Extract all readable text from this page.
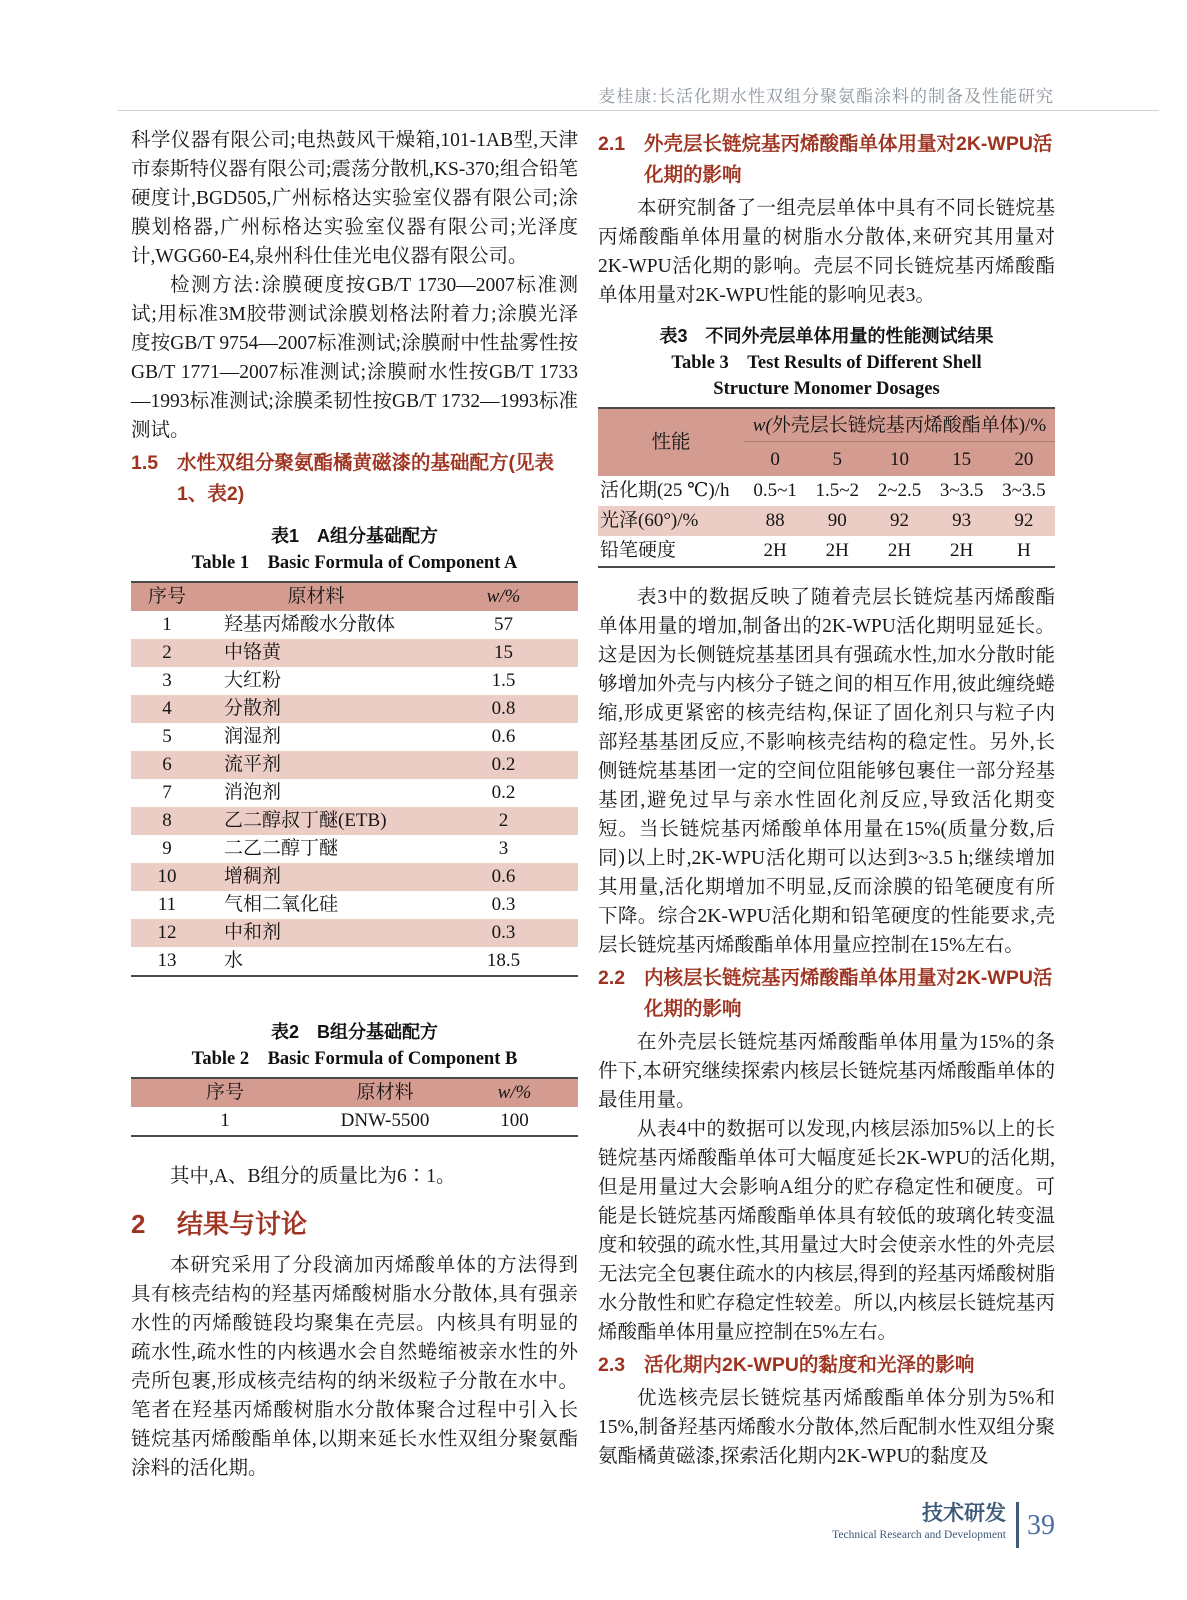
麦桂康:长活化期水性双组分聚氨酯涂料的制备及性能研究

科学仪器有限公司;电热鼓风干燥箱,101-1AB型,天津市泰斯特仪器有限公司;震荡分散机,KS-370;组合铅笔硬度计,BGD505,广州标格达实验室仪器有限公司;涂膜划格器,广州标格达实验室仪器有限公司;光泽度计,WGG60-E4,泉州科仕佳光电仪器有限公司。

检测方法:涂膜硬度按GB/T 1730—2007标准测试;用标准3M胶带测试涂膜划格法附着力;涂膜光泽度按GB/T 9754—2007标准测试;涂膜耐中性盐雾性按GB/T 1771—2007标准测试;涂膜耐水性按GB/T 1733—1993标准测试;涂膜柔韧性按GB/T 1732—1993标准测试。

1.5 水性双组分聚氨酯橘黄磁漆的基础配方(见表1、表2)
表1　A组分基础配方
Table 1　Basic Formula of Component A
序号	原材料	w/%

1	羟基丙烯酸水分散体	57
2	中铬黄	15
3	大红粉	1.5
4	分散剂	0.8
5	润湿剂	0.6
6	流平剂	0.2
7	消泡剂	0.2
8	乙二醇叔丁醚(ETB)	2
9	二乙二醇丁醚	3
10	增稠剂	0.6
11	气相二氧化硅	0.3
12	中和剂	0.3
13	水	18.5
表2　B组分基础配方
Table 2　Basic Formula of Component B
序号	原材料	w/%

1	DNW-5500	100

其中,A、B组分的质量比为6∶1。

2	结果与讨论

本研究采用了分段滴加丙烯酸单体的方法得到具有核壳结构的羟基丙烯酸树脂水分散体,具有强亲水性的丙烯酸链段均聚集在壳层。内核具有明显的疏水性,疏水性的内核遇水会自然蜷缩被亲水性的外壳所包裹,形成核壳结构的纳米级粒子分散在水中。笔者在羟基丙烯酸树脂水分散体聚合过程中引入长链烷基丙烯酸酯单体,以期来延长水性双组分聚氨酯涂料的活化期。

2.1 外壳层长链烷基丙烯酸酯单体用量对2K-WPU活化期的影响

本研究制备了一组壳层单体中具有不同长链烷基丙烯酸酯单体用量的树脂水分散体,来研究其用量对2K-WPU活化期的影响。壳层不同长链烷基丙烯酸酯单体用量对2K-WPU性能的影响见表3。

表3　不同外壳层单体用量的性能测试结果
Table 3　Test Results of Different Shell Structure Monomer Dosages
性能	w(外壳层长链烷基丙烯酸酯单体)/%				

	0	5	10	15	20
活化期(25 ℃)/h	0.5~1	1.5~2	2~2.5	3~3.5	3~3.5
光泽(60°)/%	88	90	92	93	92
铅笔硬度	2H	2H	2H	2H	H

表3中的数据反映了随着壳层长链烷基丙烯酸酯单体用量的增加,制备出的2K-WPU活化期明显延长。这是因为长侧链烷基基团具有强疏水性,加水分散时能够增加外壳与内核分子链之间的相互作用,彼此缠绕蜷缩,形成更紧密的核壳结构,保证了固化剂只与粒子内部羟基基团反应,不影响核壳结构的稳定性。另外,长侧链烷基基团一定的空间位阻能够包裹住一部分羟基基团,避免过早与亲水性固化剂反应,导致活化期变短。当长链烷基丙烯酸单体用量在15%(质量分数,后同)以上时,2K-WPU活化期可以达到3~3.5 h;继续增加其用量,活化期增加不明显,反而涂膜的铅笔硬度有所下降。综合2K-WPU活化期和铅笔硬度的性能要求,壳层长链烷基丙烯酸酯单体用量应控制在15%左右。

2.2 内核层长链烷基丙烯酸酯单体用量对2K-WPU活化期的影响

在外壳层长链烷基丙烯酸酯单体用量为15%的条件下,本研究继续探索内核层长链烷基丙烯酸酯单体的最佳用量。

从表4中的数据可以发现,内核层添加5%以上的长链烷基丙烯酸酯单体可大幅度延长2K-WPU的活化期,但是用量过大会影响A组分的贮存稳定性和硬度。可能是长链烷基丙烯酸酯单体具有较低的玻璃化转变温度和较强的疏水性,其用量过大时会使亲水性的外壳层无法完全包裹住疏水的内核层,得到的羟基丙烯酸树脂水分散性和贮存稳定性较差。所以,内核层长链烷基丙烯酸酯单体用量应控制在5%左右。

2.3 活化期内2K-WPU的黏度和光泽的影响

优选核壳层长链烷基丙烯酸酯单体分别为5%和15%,制备羟基丙烯酸水分散体,然后配制水性双组分聚氨酯橘黄磁漆,探索活化期内2K-WPU的黏度及

技术研发
Technical Research and Development 39
